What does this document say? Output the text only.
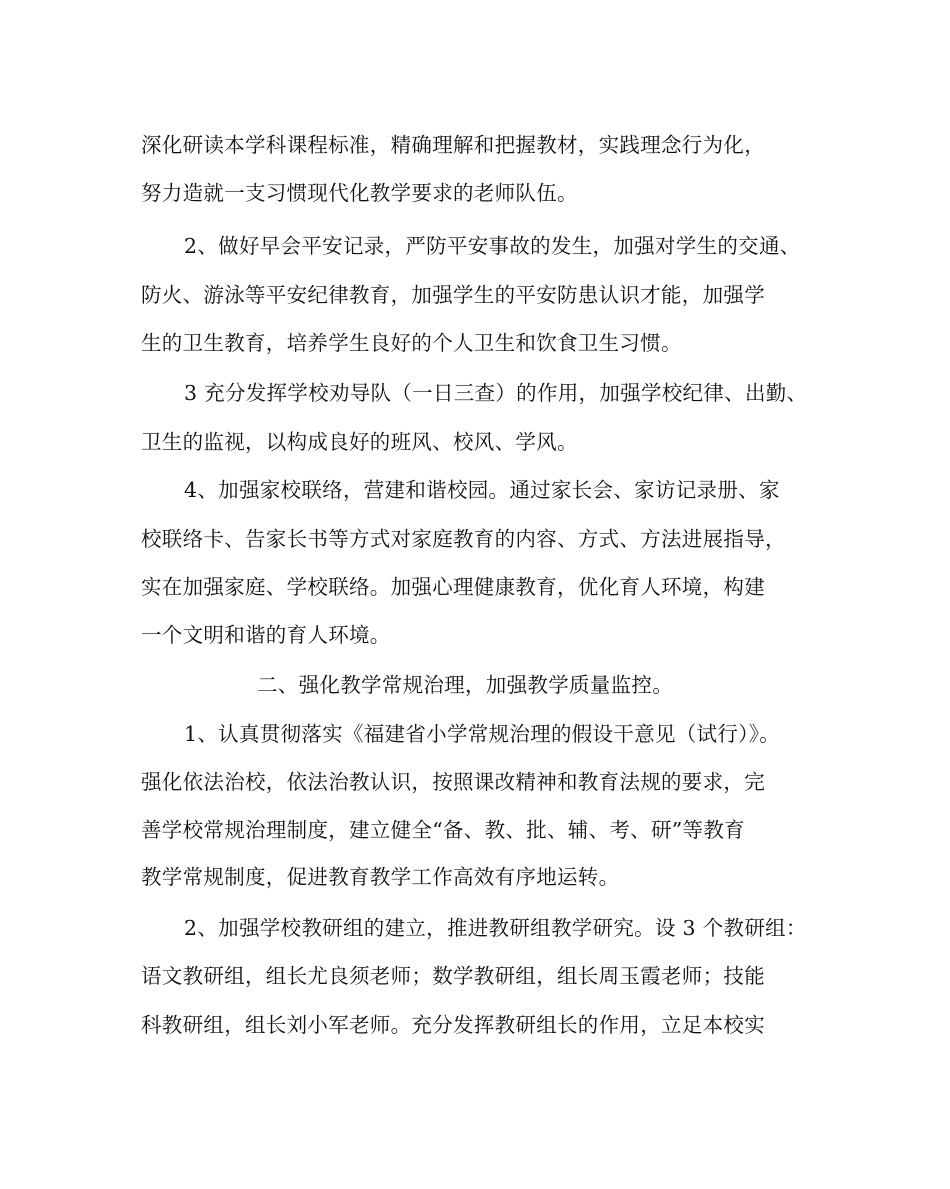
深化研读本学科课程标准，精确理解和把握教材，实践理念行为化，

努力造就一支习惯现代化教学要求的老师队伍。

2、做好早会平安记录，严防平安事故的发生，加强对学生的交通、

防火、游泳等平安纪律教育，加强学生的平安防患认识才能，加强学

生的卫生教育，培养学生良好的个人卫生和饮食卫生习惯。

3 充分发挥学校劝导队（一日三查）的作用，加强学校纪律、出勤、

卫生的监视，以构成良好的班风、校风、学风。

4、加强家校联络，营建和谐校园。通过家长会、家访记录册、家

校联络卡、告家长书等方式对家庭教育的内容、方式、方法进展指导，

实在加强家庭、学校联络。加强心理健康教育，优化育人环境，构建

一个文明和谐的育人环境。

二、强化教学常规治理，加强教学质量监控。

1、认真贯彻落实《福建省小学常规治理的假设干意见（试行）》。

强化依法治校，依法治教认识，按照课改精神和教育法规的要求，完

善学校常规治理制度，建立健全“备、教、批、辅、考、研”等教育

教学常规制度，促进教育教学工作高效有序地运转。

2、加强学校教研组的建立，推进教研组教学研究。设 3 个教研组：

语文教研组，组长尤良须老师；数学教研组，组长周玉霞老师；技能

科教研组，组长刘小军老师。充分发挥教研组长的作用，立足本校实
